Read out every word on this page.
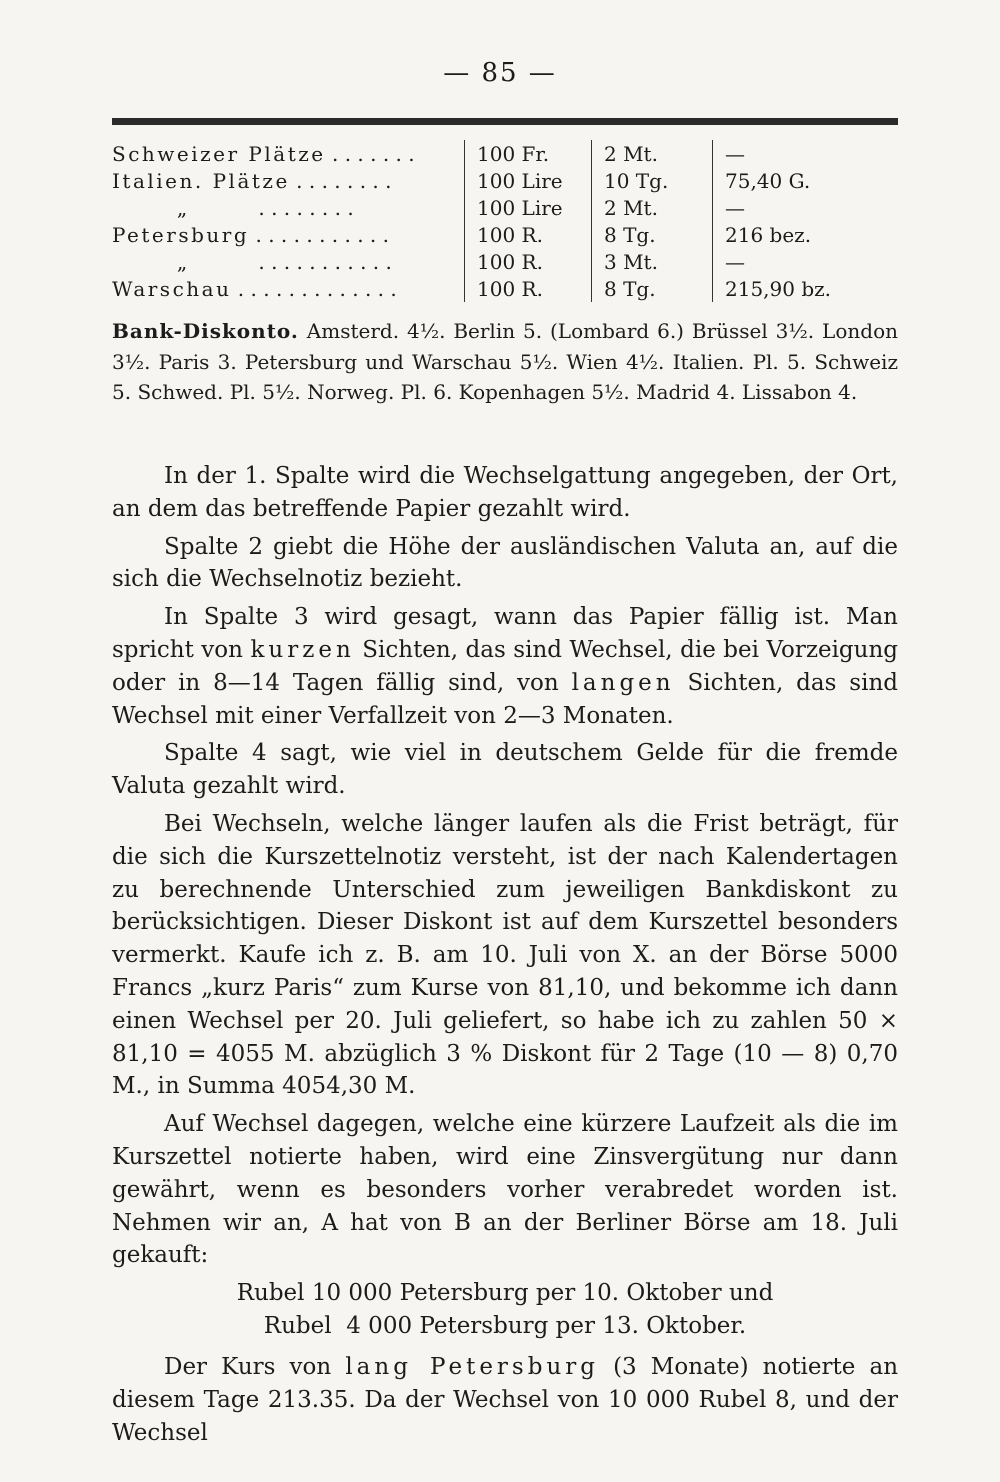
— 85 —
Schweizer Plätze . . . . . . .	100 Fr.	2 Mt.	—
Italien. Plätze . . . . . . . .	100 Lire	10 Tg.	75,40 G.
„ . . . . . . . .	100 Lire	2 Mt.	—
Petersburg . . . . . . . . . . .	100 R.	8 Tg.	216 bez.
„ . . . . . . . . . . .	100 R.	3 Mt.	—
Warschau . . . . . . . . . . . . .	100 R.	8 Tg.	215,90 bz.
Bank-Diskonto. Amsterd. 4½. Berlin 5. (Lombard 6.) Brüssel 3½. London 3½. Paris 3. Petersburg und Warschau 5½. Wien 4½. Italien. Pl. 5. Schweiz 5. Schwed. Pl. 5½. Norweg. Pl. 6. Kopenhagen 5½. Madrid 4. Lissabon 4.

In der 1. Spalte wird die Wechselgattung angegeben, der Ort, an dem das betreffende Papier gezahlt wird.

Spalte 2 giebt die Höhe der ausländischen Valuta an, auf die sich die Wechselnotiz bezieht.

In Spalte 3 wird gesagt, wann das Papier fällig ist. Man spricht von kurzen Sichten, das sind Wechsel, die bei Vorzeigung oder in 8—14 Tagen fällig sind, von langen Sichten, das sind Wechsel mit einer Verfallzeit von 2—3 Monaten.

Spalte 4 sagt, wie viel in deutschem Gelde für die fremde Valuta gezahlt wird.

Bei Wechseln, welche länger laufen als die Frist beträgt, für die sich die Kurszettelnotiz versteht, ist der nach Kalendertagen zu berechnende Unterschied zum jeweiligen Bankdiskont zu berücksichtigen. Dieser Diskont ist auf dem Kurszettel besonders vermerkt. Kaufe ich z. B. am 10. Juli von X. an der Börse 5000 Francs „kurz Paris“ zum Kurse von 81,10, und bekomme ich dann einen Wechsel per 20. Juli geliefert, so habe ich zu zahlen 50 × 81,10 = 4055 M. abzüglich 3 % Diskont für 2 Tage (10 — 8) 0,70 M., in Summa 4054,30 M.

Auf Wechsel dagegen, welche eine kürzere Laufzeit als die im Kurszettel notierte haben, wird eine Zinsvergütung nur dann gewährt, wenn es besonders vorher verabredet worden ist. Nehmen wir an, A hat von B an der Berliner Börse am 18. Juli gekauft:

Rubel 10 000 Petersburg per 10. Oktober und
Rubel  4 000 Petersburg per 13. Oktober.

Der Kurs von lang Petersburg (3 Monate) notierte an diesem Tage 213.35. Da der Wechsel von 10 000 Rubel 8, und der Wechsel
